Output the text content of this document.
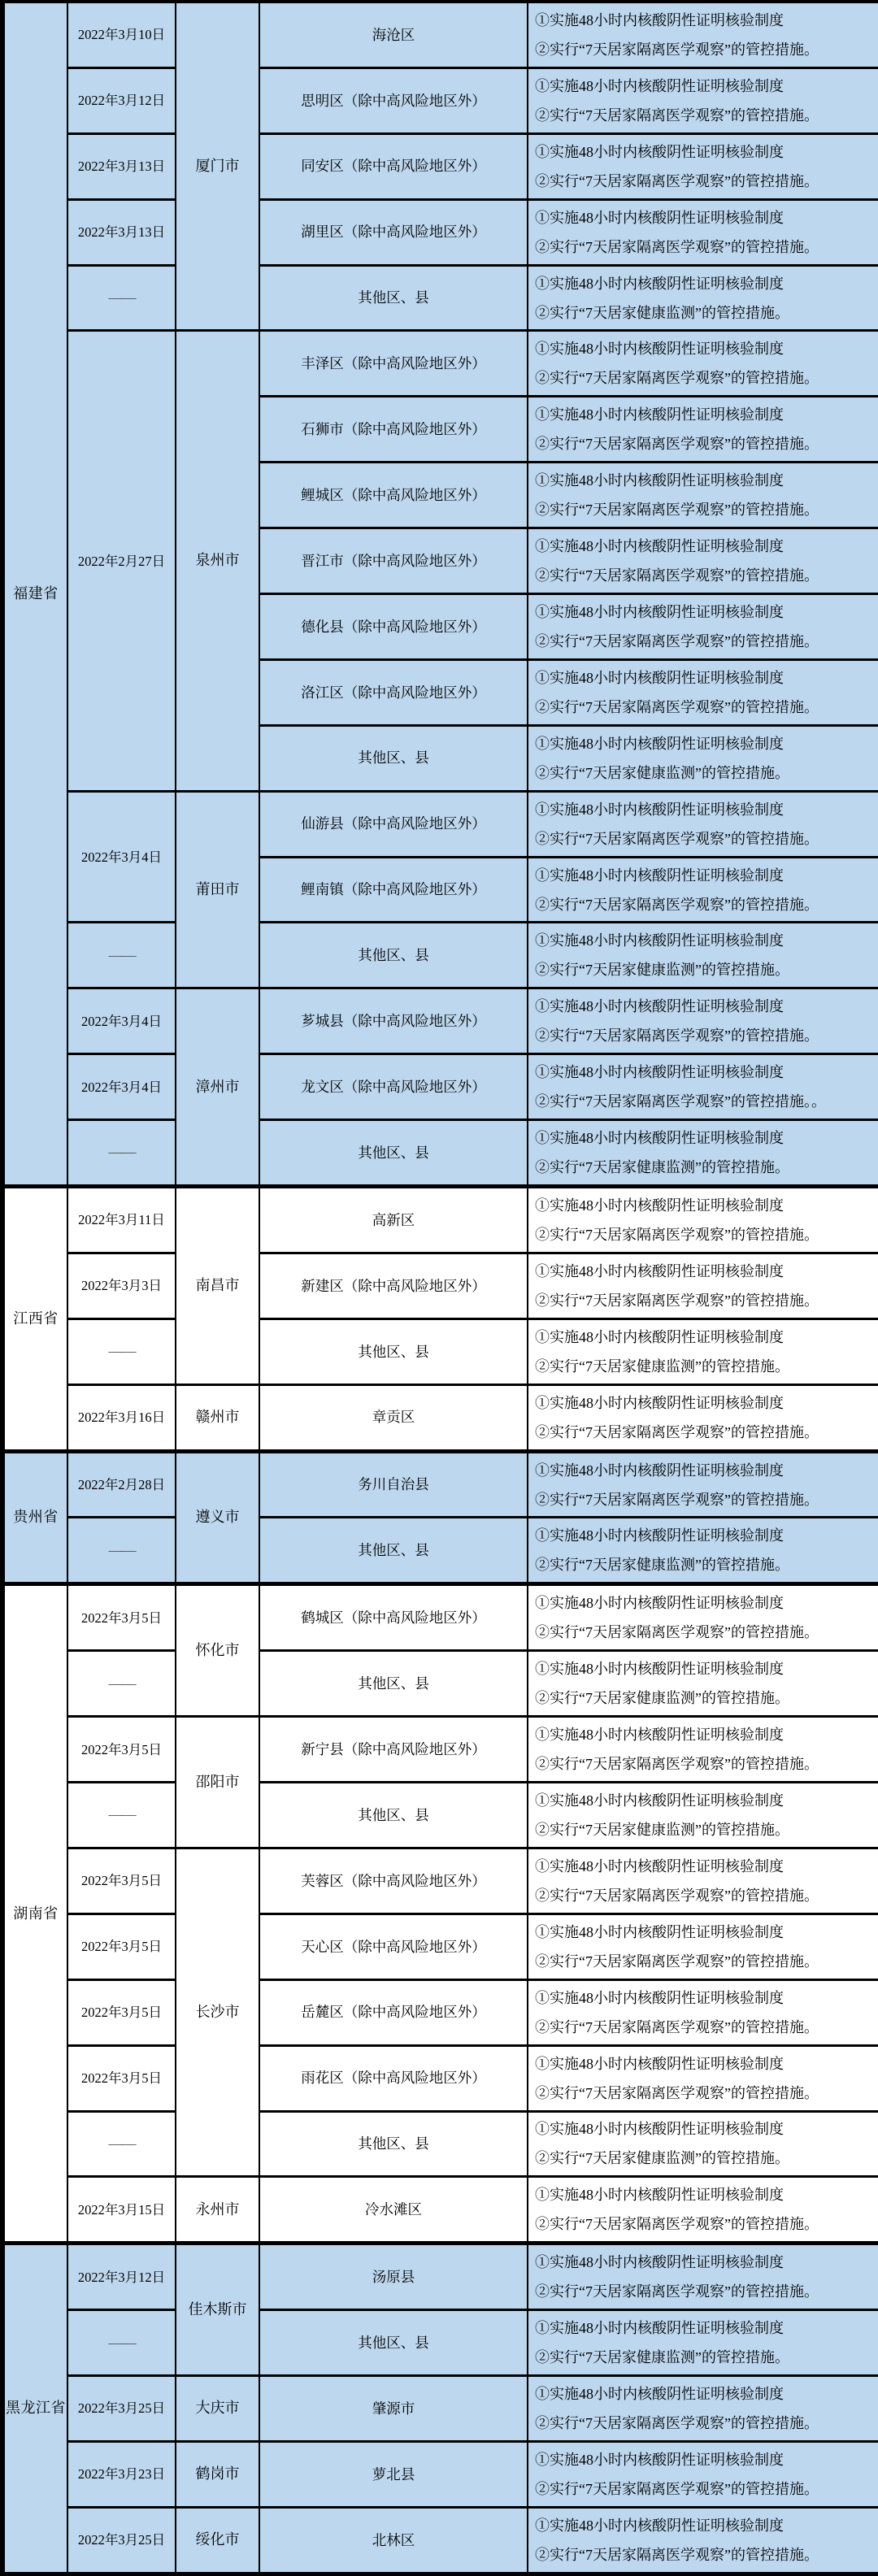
福建省	2022年3月10日	厦门市	海沧区	①实施48小时内核酸阴性证明核验制度
②实行“7天居家隔离医学观察”的管控措施。

	2022年3月12日		思明区（除中高风险地区外）	①实施48小时内核酸阴性证明核验制度
②实行“7天居家隔离医学观察”的管控措施。

	2022年3月13日		同安区（除中高风险地区外）	①实施48小时内核酸阴性证明核验制度
②实行“7天居家隔离医学观察”的管控措施。

	2022年3月13日		湖里区（除中高风险地区外）	①实施48小时内核酸阴性证明核验制度
②实行“7天居家隔离医学观察”的管控措施。

	——		其他区、县	①实施48小时内核酸阴性证明核验制度
②实行“7天居家健康监测”的管控措施。

	2022年2月27日	泉州市	丰泽区（除中高风险地区外）	①实施48小时内核酸阴性证明核验制度
②实行“7天居家隔离医学观察”的管控措施。

			石狮市（除中高风险地区外）	①实施48小时内核酸阴性证明核验制度
②实行“7天居家隔离医学观察”的管控措施。

			鲤城区（除中高风险地区外）	①实施48小时内核酸阴性证明核验制度
②实行“7天居家隔离医学观察”的管控措施。

			晋江市（除中高风险地区外）	①实施48小时内核酸阴性证明核验制度
②实行“7天居家隔离医学观察”的管控措施。

			德化县（除中高风险地区外）	①实施48小时内核酸阴性证明核验制度
②实行“7天居家隔离医学观察”的管控措施。

			洛江区（除中高风险地区外）	①实施48小时内核酸阴性证明核验制度
②实行“7天居家隔离医学观察”的管控措施。

			其他区、县	①实施48小时内核酸阴性证明核验制度
②实行“7天居家健康监测”的管控措施。

	2022年3月4日	莆田市	仙游县（除中高风险地区外）	①实施48小时内核酸阴性证明核验制度
②实行“7天居家隔离医学观察”的管控措施。

			鲤南镇（除中高风险地区外）	①实施48小时内核酸阴性证明核验制度
②实行“7天居家隔离医学观察”的管控措施。

	——		其他区、县	①实施48小时内核酸阴性证明核验制度
②实行“7天居家健康监测”的管控措施。

	2022年3月4日	漳州市	芗城县（除中高风险地区外）	①实施48小时内核酸阴性证明核验制度
②实行“7天居家隔离医学观察”的管控措施。

	2022年3月4日		龙文区（除中高风险地区外）	①实施48小时内核酸阴性证明核验制度
②实行“7天居家隔离医学观察”的管控措施。。

	——		其他区、县	①实施48小时内核酸阴性证明核验制度
②实行“7天居家健康监测”的管控措施。

江西省	2022年3月11日	南昌市	高新区	①实施48小时内核酸阴性证明核验制度
②实行“7天居家隔离医学观察”的管控措施。

	2022年3月3日		新建区（除中高风险地区外）	①实施48小时内核酸阴性证明核验制度
②实行“7天居家隔离医学观察”的管控措施。

	——		其他区、县	①实施48小时内核酸阴性证明核验制度
②实行“7天居家健康监测”的管控措施。

	2022年3月16日	赣州市	章贡区	①实施48小时内核酸阴性证明核验制度
②实行“7天居家隔离医学观察”的管控措施。

贵州省	2022年2月28日	遵义市	务川自治县	①实施48小时内核酸阴性证明核验制度
②实行“7天居家隔离医学观察”的管控措施。

	——		其他区、县	①实施48小时内核酸阴性证明核验制度
②实行“7天居家健康监测”的管控措施。

湖南省	2022年3月5日	怀化市	鹤城区（除中高风险地区外）	①实施48小时内核酸阴性证明核验制度
②实行“7天居家隔离医学观察”的管控措施。

	——		其他区、县	①实施48小时内核酸阴性证明核验制度
②实行“7天居家健康监测”的管控措施。

	2022年3月5日	邵阳市	新宁县（除中高风险地区外）	①实施48小时内核酸阴性证明核验制度
②实行“7天居家隔离医学观察”的管控措施。

	——		其他区、县	①实施48小时内核酸阴性证明核验制度
②实行“7天居家健康监测”的管控措施。

	2022年3月5日	长沙市	芙蓉区（除中高风险地区外）	①实施48小时内核酸阴性证明核验制度
②实行“7天居家隔离医学观察”的管控措施。

	2022年3月5日		天心区（除中高风险地区外）	①实施48小时内核酸阴性证明核验制度
②实行“7天居家隔离医学观察”的管控措施。

	2022年3月5日		岳麓区（除中高风险地区外）	①实施48小时内核酸阴性证明核验制度
②实行“7天居家隔离医学观察”的管控措施。

	2022年3月5日		雨花区（除中高风险地区外）	①实施48小时内核酸阴性证明核验制度
②实行“7天居家隔离医学观察”的管控措施。

	——		其他区、县	①实施48小时内核酸阴性证明核验制度
②实行“7天居家健康监测”的管控措施。

	2022年3月15日	永州市	冷水滩区	①实施48小时内核酸阴性证明核验制度
②实行“7天居家隔离医学观察”的管控措施。

黑龙江省	2022年3月12日	佳木斯市	汤原县	①实施48小时内核酸阴性证明核验制度
②实行“7天居家隔离医学观察”的管控措施。

	——		其他区、县	①实施48小时内核酸阴性证明核验制度
②实行“7天居家健康监测”的管控措施。

	2022年3月25日	大庆市	肇源市	①实施48小时内核酸阴性证明核验制度
②实行“7天居家隔离医学观察”的管控措施。

	2022年3月23日	鹤岗市	萝北县	①实施48小时内核酸阴性证明核验制度
②实行“7天居家隔离医学观察”的管控措施。

	2022年3月25日	绥化市	北林区	①实施48小时内核酸阴性证明核验制度
②实行“7天居家隔离医学观察”的管控措施。
